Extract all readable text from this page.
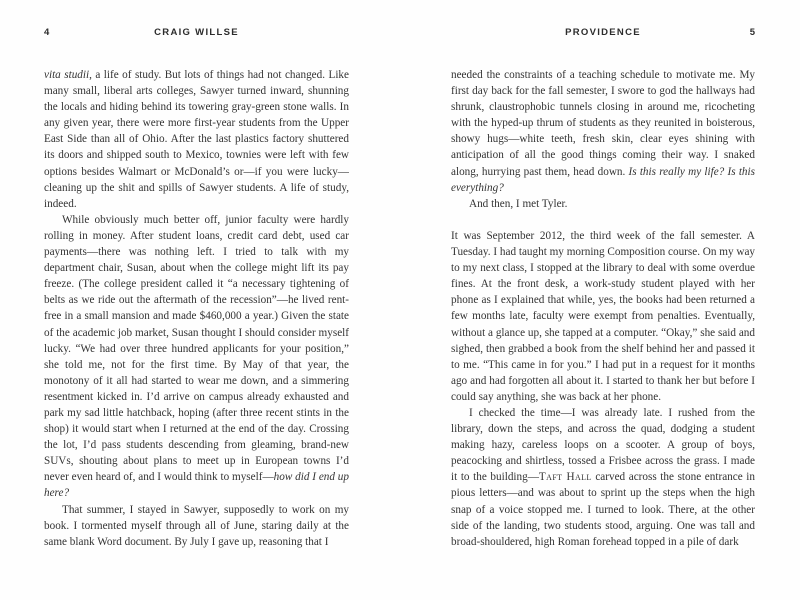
4	CRAIG WILLSE

vita studii, a life of study. But lots of things had not changed. Like many small, liberal arts colleges, Sawyer turned inward, shunning the locals and hiding behind its towering gray-green stone walls. In any given year, there were more first-year students from the Upper East Side than all of Ohio. After the last plastics factory shuttered its doors and shipped south to Mexico, townies were left with few options besides Walmart or McDonald’s or—if you were lucky—cleaning up the shit and spills of Sawyer students. A life of study, indeed.

While obviously much better off, junior faculty were hardly rolling in money. After student loans, credit card debt, used car payments—there was nothing left. I tried to talk with my department chair, Susan, about when the college might lift its pay freeze. (The college president called it “a necessary tightening of belts as we ride out the aftermath of the recession”—he lived rent-free in a small mansion and made $460,000 a year.) Given the state of the academic job market, Susan thought I should consider myself lucky. “We had over three hundred applicants for your position,” she told me, not for the first time. By May of that year, the monotony of it all had started to wear me down, and a simmering resentment kicked in. I’d arrive on campus already exhausted and park my sad little hatchback, hoping (after three recent stints in the shop) it would start when I returned at the end of the day. Crossing the lot, I’d pass students descending from gleaming, brand-new SUVs, shouting about plans to meet up in European towns I’d never even heard of, and I would think to myself—how did I end up here?

That summer, I stayed in Sawyer, supposedly to work on my book. I tormented myself through all of June, staring daily at the same blank Word document. By July I gave up, reasoning that I

PROVIDENCE	5

needed the constraints of a teaching schedule to motivate me. My first day back for the fall semester, I swore to god the hallways had shrunk, claustrophobic tunnels closing in around me, ricocheting with the hyped-up thrum of students as they reunited in boisterous, showy hugs—white teeth, fresh skin, clear eyes shining with anticipation of all the good things coming their way. I snaked along, hurrying past them, head down. Is this really my life? Is this everything?

And then, I met Tyler.

It was September 2012, the third week of the fall semester. A Tuesday. I had taught my morning Composition course. On my way to my next class, I stopped at the library to deal with some overdue fines. At the front desk, a work-study student played with her phone as I explained that while, yes, the books had been returned a few months late, faculty were exempt from penalties. Eventually, without a glance up, she tapped at a computer. “Okay,” she said and sighed, then grabbed a book from the shelf behind her and passed it to me. “This came in for you.” I had put in a request for it months ago and had forgotten all about it. I started to thank her but before I could say anything, she was back at her phone.

I checked the time—I was already late. I rushed from the library, down the steps, and across the quad, dodging a student making hazy, careless loops on a scooter. A group of boys, peacocking and shirtless, tossed a Frisbee across the grass. I made it to the building—Taft Hall carved across the stone entrance in pious letters—and was about to sprint up the steps when the high snap of a voice stopped me. I turned to look. There, at the other side of the landing, two students stood, arguing. One was tall and broad-shouldered, high Roman forehead topped in a pile of dark
